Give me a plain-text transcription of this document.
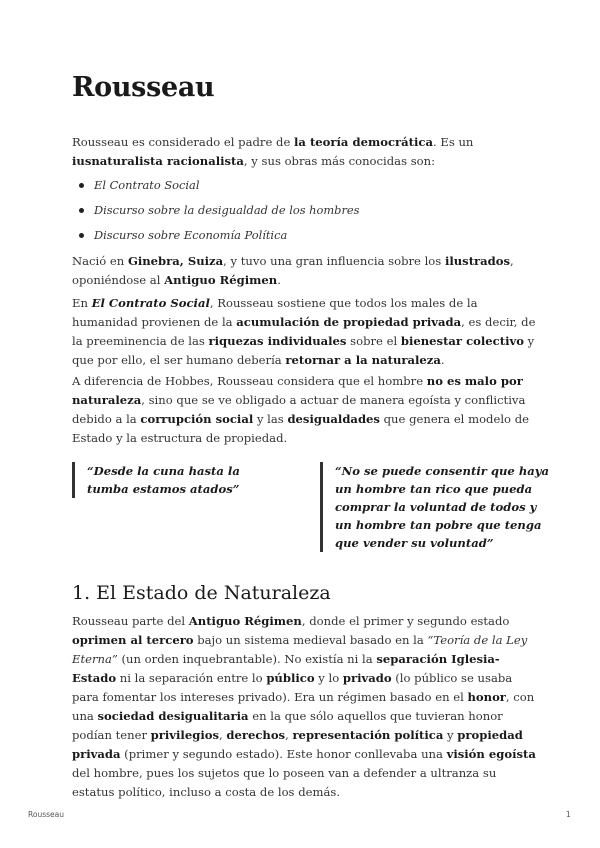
Rousseau

Rousseau es considerado el padre de la teoría democrática. Es un iusnaturalista racionalista, y sus obras más conocidas son:

El Contrato Social
Discurso sobre la desigualdad de los hombres
Discurso sobre Economía Política

Nació en Ginebra, Suiza, y tuvo una gran influencia sobre los ilustrados, oponiéndose al Antiguo Régimen.

En El Contrato Social, Rousseau sostiene que todos los males de la humanidad provienen de la acumulación de propiedad privada, es decir, de la preeminencia de las riquezas individuales sobre el bienestar colectivo y que por ello, el ser humano debería retornar a la naturaleza.

A diferencia de Hobbes, Rousseau considera que el hombre no es malo por naturaleza, sino que se ve obligado a actuar de manera egoísta y conflictiva debido a la corrupción social y las desigualdades que genera el modelo de Estado y la estructura de propiedad.

“Desde la cuna hasta la tumba estamos atados”
“No se puede consentir que haya un hombre tan rico que pueda comprar la voluntad de todos y un hombre tan pobre que tenga que vender su voluntad”
1. El Estado de Naturaleza

Rousseau parte del Antiguo Régimen, donde el primer y segundo estado oprimen al tercero bajo un sistema medieval basado en la “Teoría de la Ley Eterna” (un orden inquebrantable). No existía ni la separación Iglesia-Estado ni la separación entre lo público y lo privado (lo público se usaba para fomentar los intereses privado). Era un régimen basado en el honor, con una sociedad desigualitaria en la que sólo aquellos que tuvieran honor podían tener privilegios, derechos, representación política y propiedad privada (primer y segundo estado). Este honor conllevaba una visión egoísta del hombre, pues los sujetos que lo poseen van a defender a ultranza su estatus político, incluso a costa de los demás.

Rousseau	1
